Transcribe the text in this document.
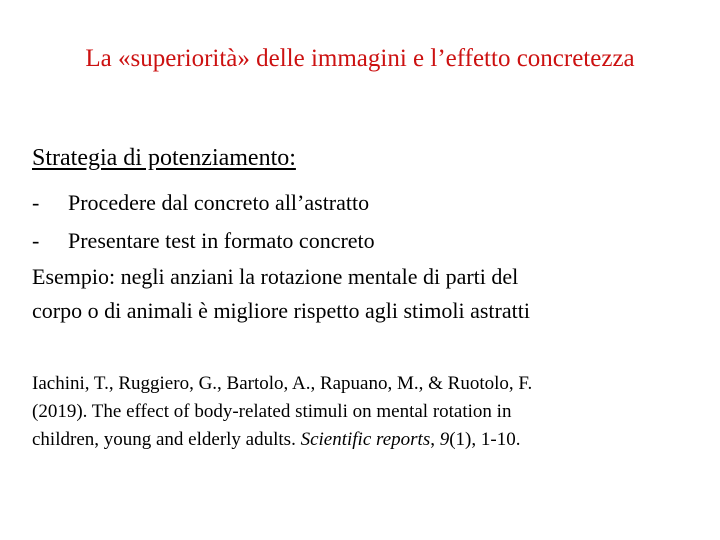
La «superiorità» delle immagini e l’effetto concretezza
Strategia di potenziamento:
-	Procedere dal concreto all’astratto
-	Presentare test in formato concreto

Esempio: negli anziani la rotazione mentale di parti del
corpo o di animali è migliore rispetto agli stimoli astratti

Iachini, T., Ruggiero, G., Bartolo, A., Rapuano, M., & Ruotolo, F.
(2019). The effect of body-related stimuli on mental rotation in
children, young and elderly adults. Scientific reports, 9(1), 1-10.
